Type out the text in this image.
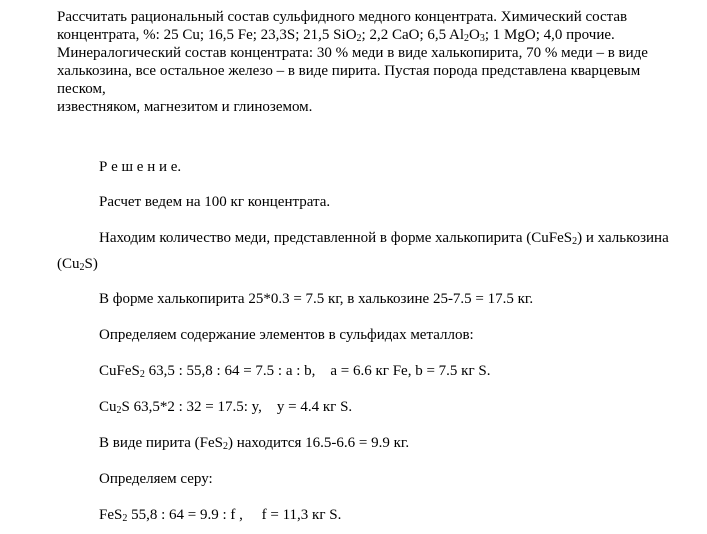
Рассчитать рациональный состав сульфидного медного концентрата. Химический состав
концентрата, %: 25 Cu; 16,5 Fe; 23,3S; 21,5 SiO$_2$; 2,2 CaO; 6,5 $Al_2O_3$; 1 MgO; 4,0 прочие.
Минералогический состав концентрата: 30 % меди в виде халькопирита, 70 % меди – в виде
халькозина, все остальное железо – в виде пирита. Пустая порода представлена кварцевым песком,
известняком, магнезитом и глиноземом.
Р е ш е н и е.
Расчет ведем на 100 кг концентрата.
Находим количество меди, представленной в форме халькопирита (CuFeS$_2$) и халькозина
$(Cu_2S)$
В форме халькопирита 25*0.3 = 7.5 кг, в халькозине 25-7.5 = 17.5 кг.
Определяем содержание элементов в сульфидах металлов:
CuFeS$_2$ 63,5 : 55,8 : 64 = 7.5 : a : b,    a = 6.6 кг Fe, b = 7.5 кг S.
$Cu_2S$ 63,5*2 : 32 = 17.5: y,    y = 4.4 кг S.
В виде пирита (FeS$_2$) находится 16.5-6.6 = 9.9 кг.
Определяем серу:
FeS$_2$ 55,8 : 64 = 9.9 : f ,     f = 11,3 кг S.
